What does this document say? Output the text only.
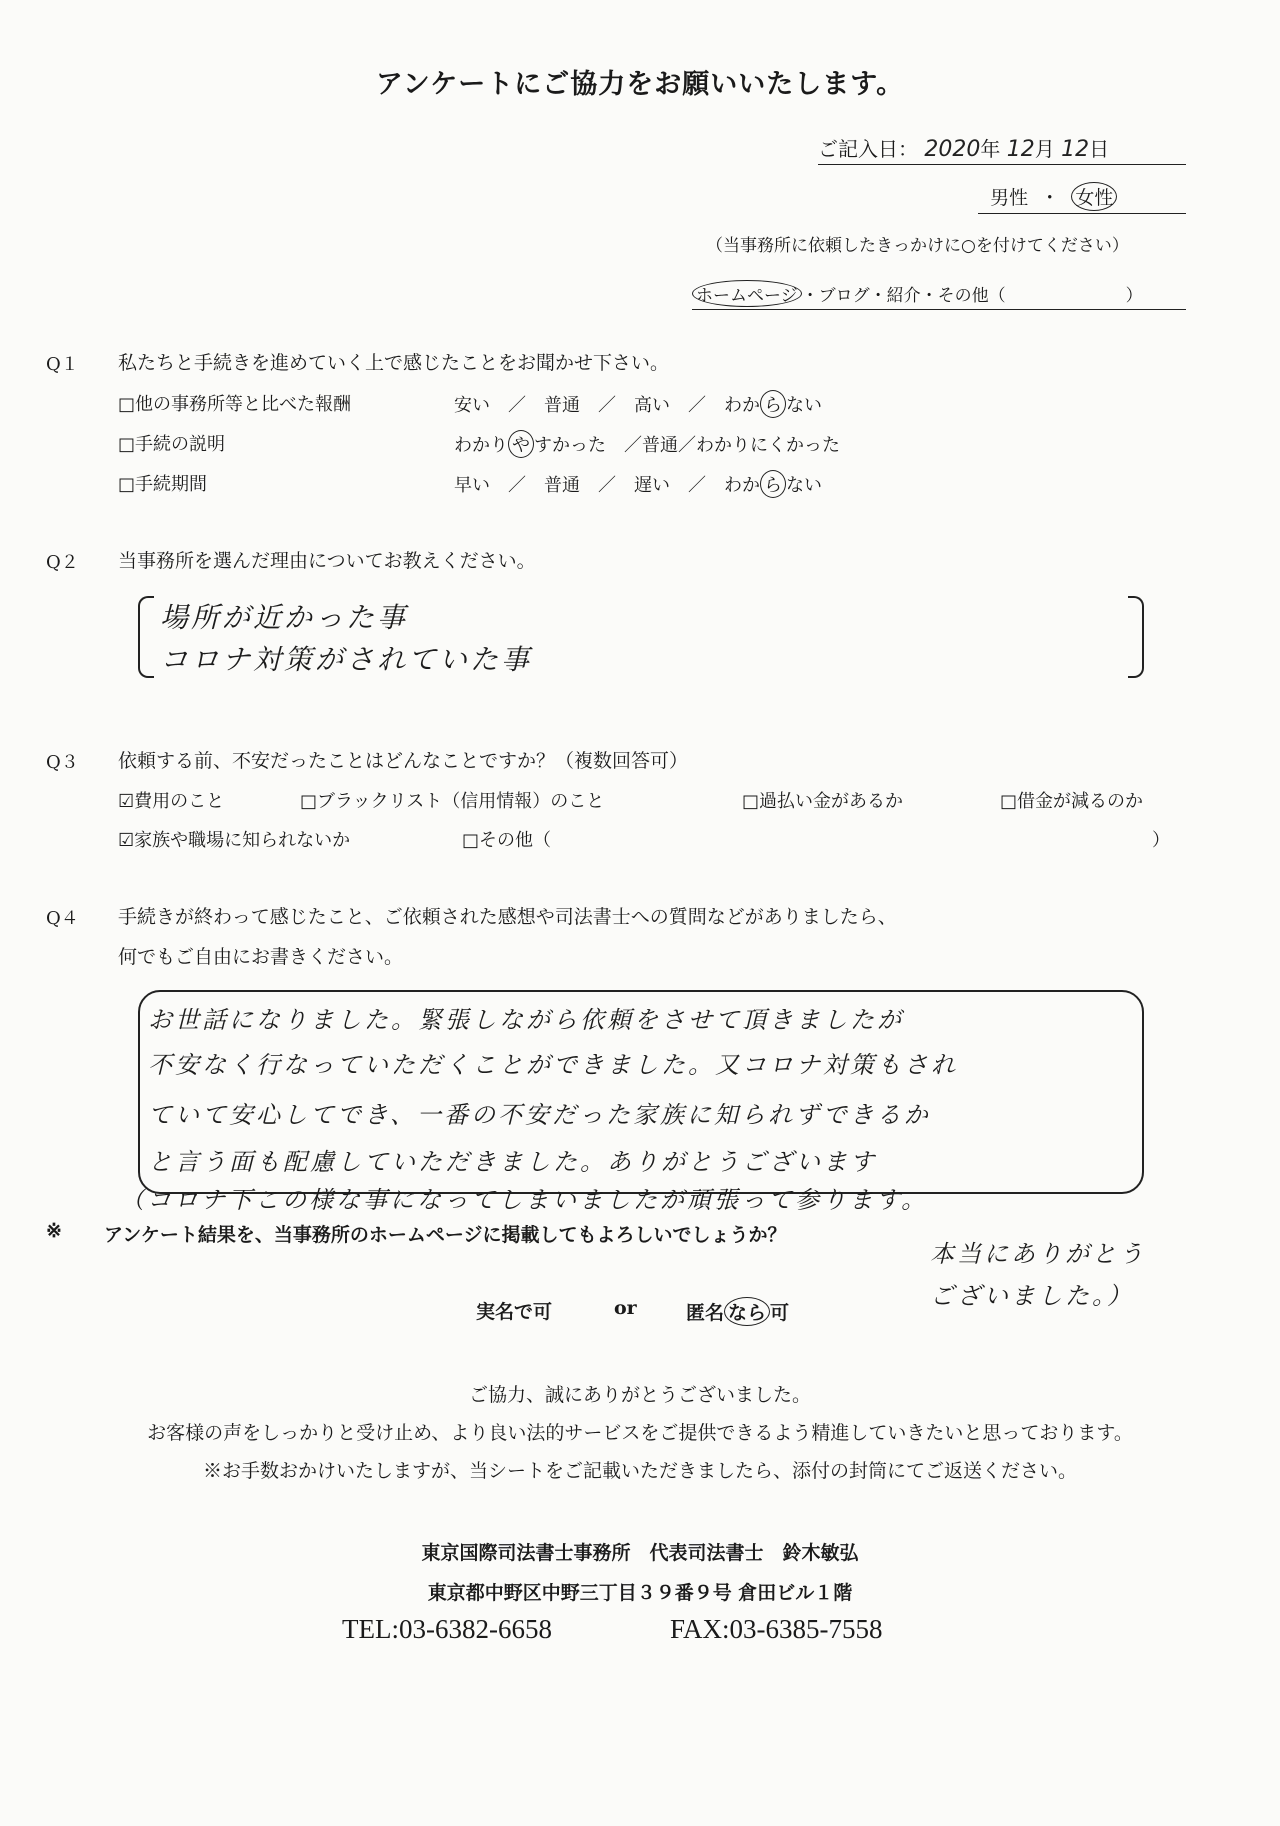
アンケートにご協力をお願いいたします。
ご記入日： 2020年 12月 12日
男性 ・ 女性
（当事務所に依頼したきっかけに○を付けてください）
ホームページ ・ブログ・紹介・その他（	）
Q１ 私たちと手続きを進めていく上で感じたことをお聞かせ下さい。
□他の事務所等と比べた報酬	安い　／　普通　／　高い　／　わか ら ない
□手続の説明	わかり や すかった　／普通／わかりにくかった
□手続期間	早い　／　普通　／　遅い　／　わか ら ない
Q２ 当事務所を選んだ理由についてお教えください。
場所が近かった事
コロナ対策がされていた事
Q３ 依頼する前、不安だったことはどんなことですか？（複数回答可）
☑費用のこと	□ブラックリスト（信用情報）のこと	□過払い金があるか	□借金が減るのか
☑家族や職場に知られないか	□その他（	）
Q４ 手続きが終わって感じたこと、ご依頼された感想や司法書士への質問などがありましたら、
何でもご自由にお書きください。
お世話になりました。緊張しながら依頼をさせて頂きましたが
不安なく行なっていただくことができました。又コロナ対策もされ
ていて安心してでき、一番の不安だった家族に知られずできるか
と言う面も配慮していただきました。ありがとうございます
（コロナ下この様な事になってしまいましたが頑張って参ります。
本当にありがとう
ございました。）
※ アンケート結果を、当事務所のホームページに掲載してもよろしいでしょうか？
実名で可	or	匿名 なら 可
ご協力、誠にありがとうございました。
お客様の声をしっかりと受け止め、より良い法的サービスをご提供できるよう精進していきたいと思っております。
※お手数おかけいたしますが、当シートをご記載いただきましたら、添付の封筒にてご返送ください。
東京国際司法書士事務所　代表司法書士　鈴木敏弘
東京都中野区中野三丁目３９番９号 倉田ビル１階
TEL:03-6382-6658	FAX:03-6385-7558
